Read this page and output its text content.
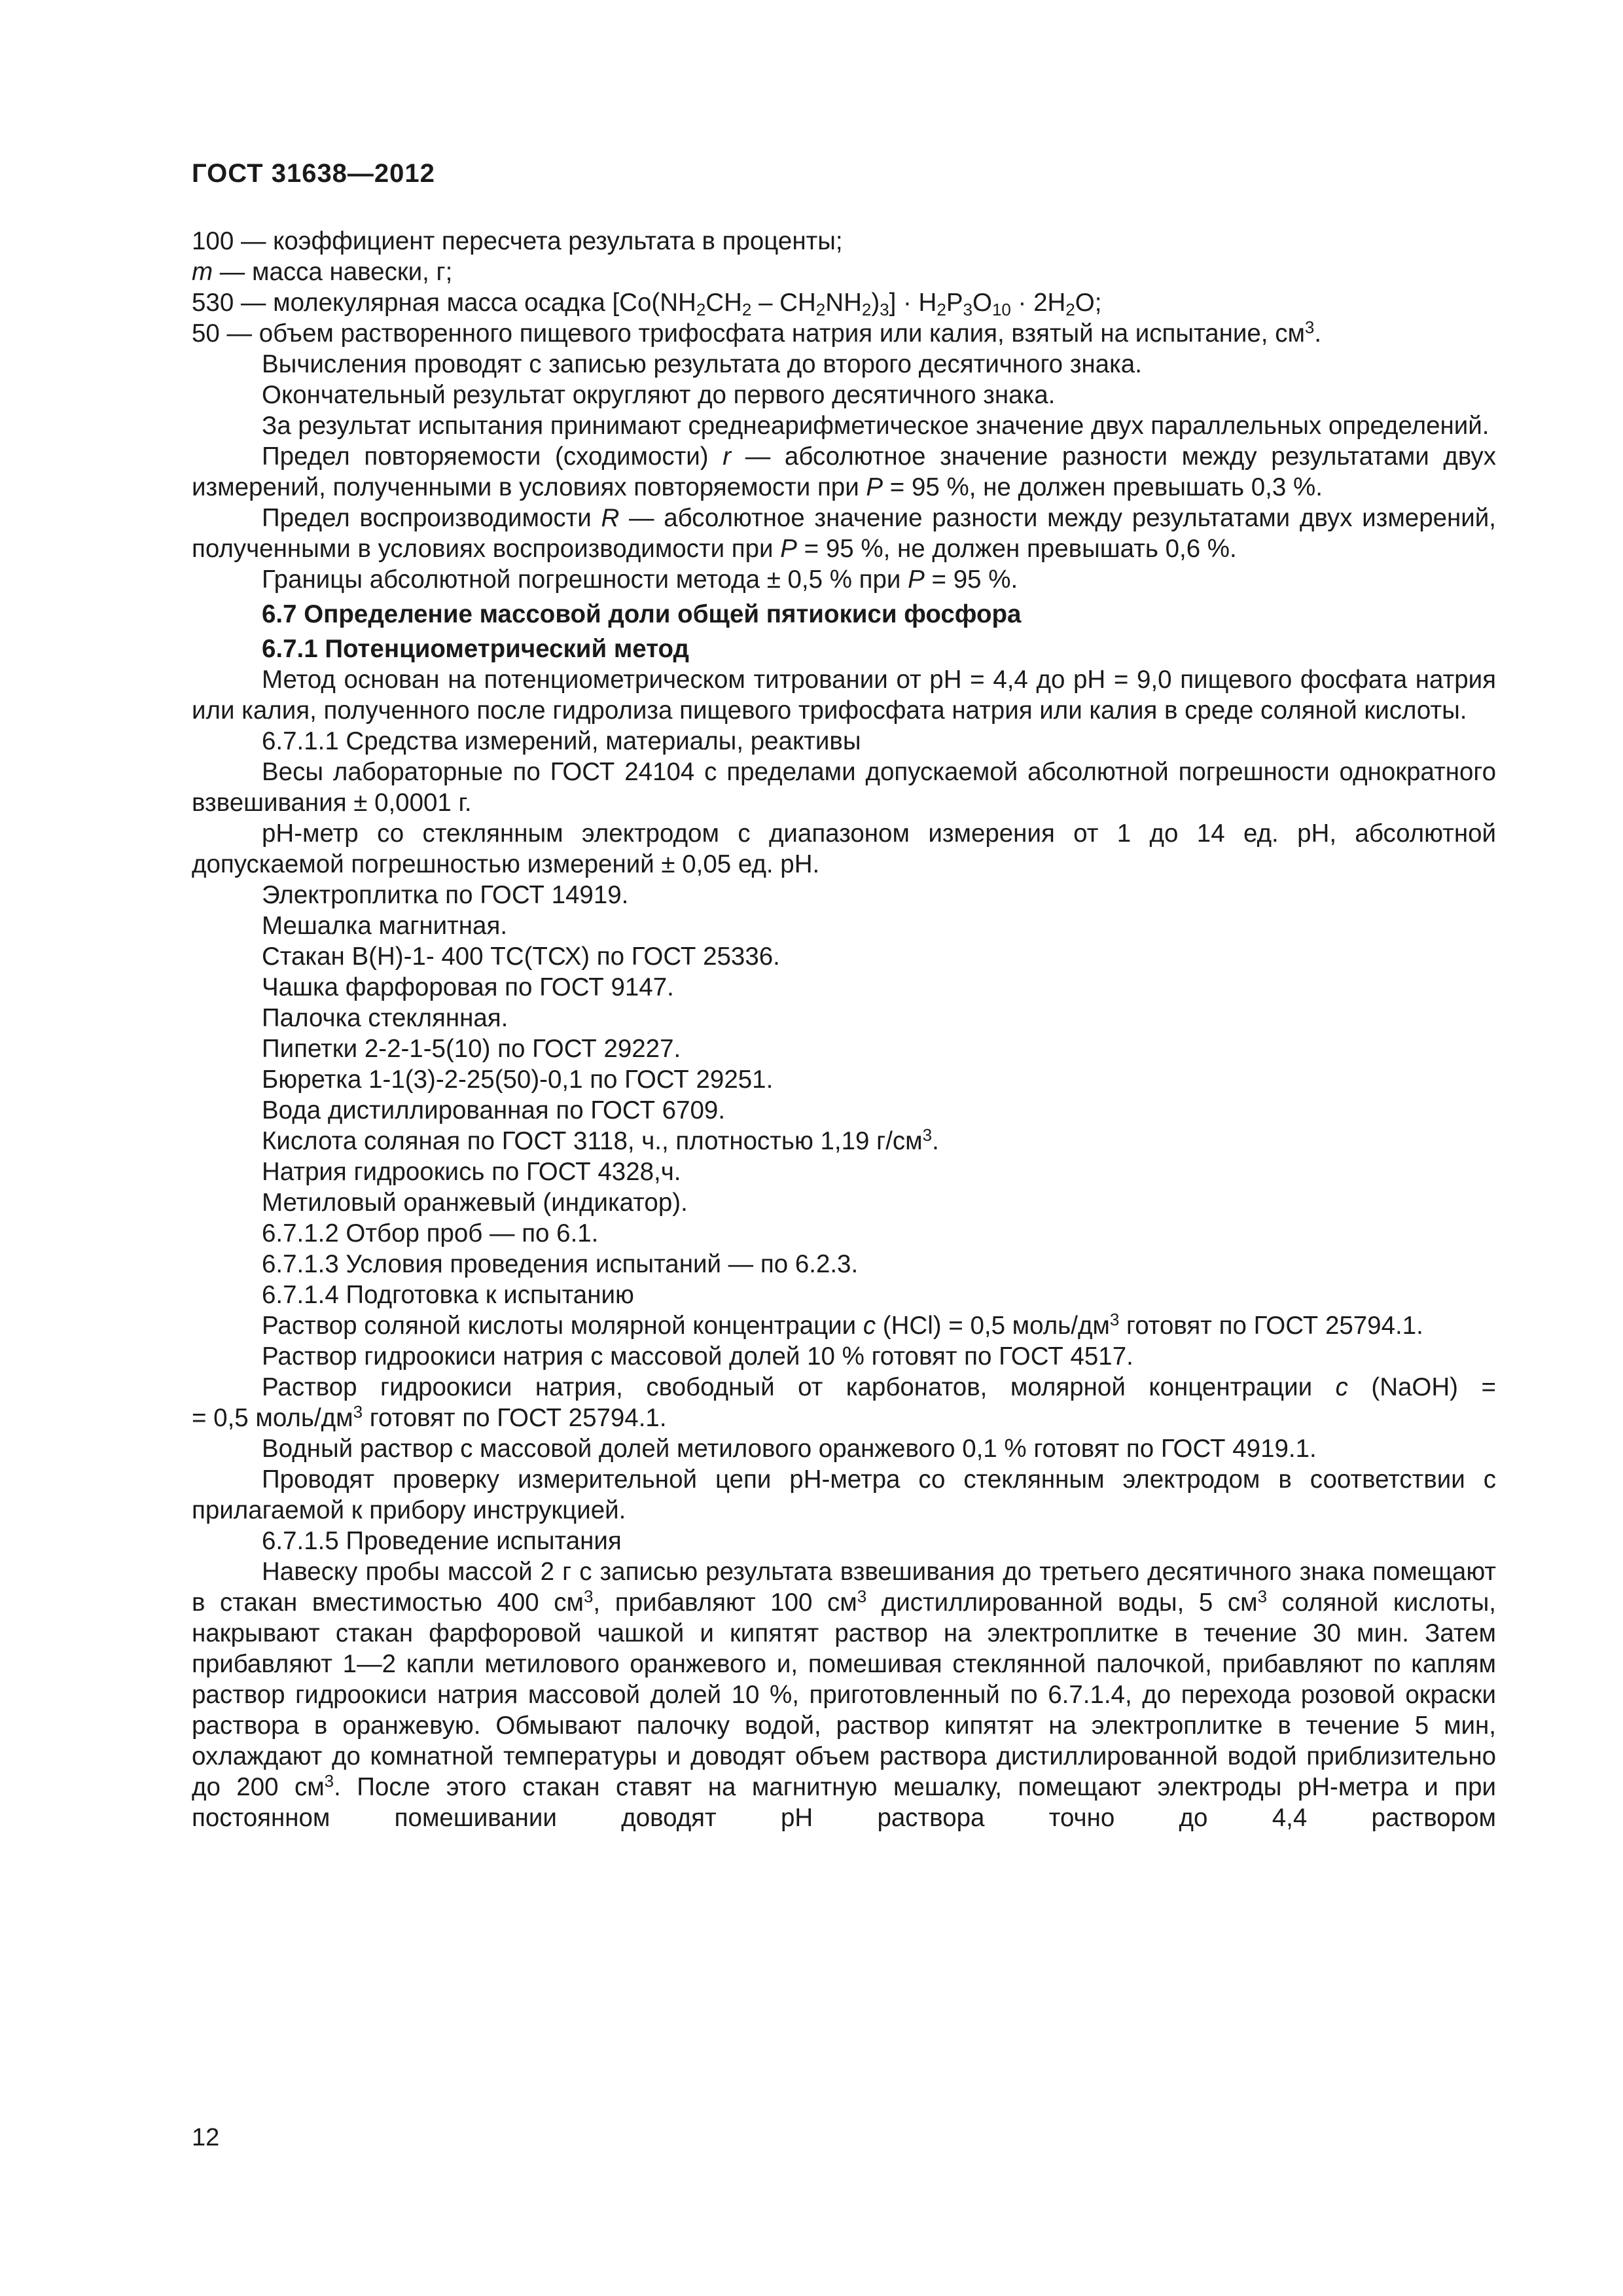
ГОСТ 31638—2012

100 — коэффициент пересчета результата в проценты;

m — масса навески, г;

530 — молекулярная масса осадка $[Co(NH_2CH_2 - CH_2NH_2)_3] \cdot H_2P_3O_{10} \cdot 2H_2O$;

50 — объем растворенного пищевого трифосфата натрия или калия, взятый на испытание, $см^3$.

Вычисления проводят с записью результата до второго десятичного знака.

Окончательный результат округляют до первого десятичного знака.

За результат испытания принимают среднеарифметическое значение двух параллельных определений.

Предел повторяемости (сходимости) r — абсолютное значение разности между результатами двух измерений, полученными в условиях повторяемости при P = 95 %, не должен превышать 0,3 %.

Предел воспроизводимости R — абсолютное значение разности между результатами двух измерений, полученными в условиях воспроизводимости при P = 95 %, не должен превышать 0,6 %.

Границы абсолютной погрешности метода ± 0,5 % при P = 95 %.

6.7 Определение массовой доли общей пятиокиси фосфора

6.7.1 Потенциометрический метод

Метод основан на потенциометрическом титровании от рН = 4,4 до рН = 9,0 пищевого фосфата натрия или калия, полученного после гидролиза пищевого трифосфата натрия или калия в среде соляной кислоты.

6.7.1.1 Средства измерений, материалы, реактивы

Весы лабораторные по ГОСТ 24104 с пределами допускаемой абсолютной погрешности однократного взвешивания ± 0,0001 г.

рН-метр со стеклянным электродом с диапазоном измерения от 1 до 14 ед. рН, абсолютной допускаемой погрешностью измерений ± 0,05 ед. рН.

Электроплитка по ГОСТ 14919.

Мешалка магнитная.

Стакан В(Н)-1- 400 ТС(ТСХ) по ГОСТ 25336.

Чашка фарфоровая по ГОСТ 9147.

Палочка стеклянная.

Пипетки 2-2-1-5(10) по ГОСТ 29227.

Бюретка 1-1(3)-2-25(50)-0,1 по ГОСТ 29251.

Вода дистиллированная по ГОСТ 6709.

Кислота соляная по ГОСТ 3118, ч., плотностью 1,19 $г/см^3$.

Натрия гидроокись по ГОСТ 4328,ч.

Метиловый оранжевый (индикатор).

6.7.1.2 Отбор проб — по 6.1.

6.7.1.3 Условия проведения испытаний — по 6.2.3.

6.7.1.4 Подготовка к испытанию

Раствор соляной кислоты молярной концентрации c (HCl) = 0,5 моль/$дм^3$ готовят по ГОСТ 25794.1.

Раствор гидроокиси натрия с массовой долей 10 % готовят по ГОСТ 4517.

Раствор гидроокиси натрия, свободный от карбонатов, молярной концентрации c (NaOH) =

= 0,5 моль/$дм^3$ готовят по ГОСТ 25794.1.

Водный раствор с массовой долей метилового оранжевого 0,1 % готовят по ГОСТ 4919.1.

Проводят проверку измерительной цепи рН-метра со стеклянным электродом в соответствии с прилагаемой к прибору инструкцией.

6.7.1.5 Проведение испытания

Навеску пробы массой 2 г с записью результата взвешивания до третьего десятичного знака помещают в стакан вместимостью 400 $см^3$, прибавляют 100 $см^3$ дистиллированной воды, 5 $см^3$ соляной кислоты, накрывают стакан фарфоровой чашкой и кипятят раствор на электроплитке в течение 30 мин. Затем прибавляют 1—2 капли метилового оранжевого и, помешивая стеклянной палочкой, прибавляют по каплям раствор гидроокиси натрия массовой долей 10 %, приготовленный по 6.7.1.4, до перехода розовой окраски раствора в оранжевую. Обмывают палочку водой, раствор кипятят на электроплитке в течение 5 мин, охлаждают до комнатной температуры и доводят объем раствора дистиллированной водой приблизительно до 200 $см^3$. После этого стакан ставят на магнитную мешалку, помещают электроды рН-метра и при постоянном помешивании доводят рН раствора точно до 4,4 раствором

12
